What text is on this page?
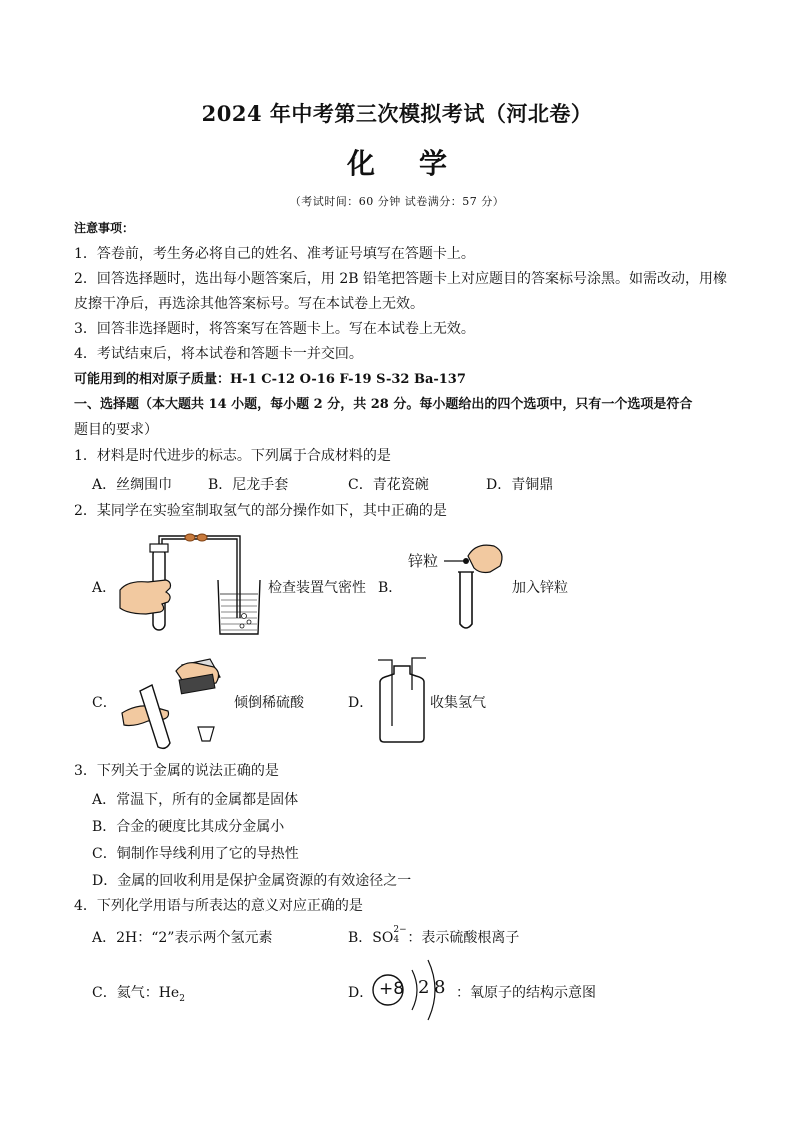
2024 年中考第三次模拟考试（河北卷）
化 学
（考试时间：60 分钟 试卷满分：57 分）
注意事项：
1．答卷前，考生务必将自己的姓名、准考证号填写在答题卡上。
2．回答选择题时，选出每小题答案后，用 2B 铅笔把答题卡上对应题目的答案标号涂黑。如需改动，用橡
皮擦干净后，再选涂其他答案标号。写在本试卷上无效。
3．回答非选择题时，将答案写在答题卡上。写在本试卷上无效。
4．考试结束后，将本试卷和答题卡一并交回。
可能用到的相对原子质量：H-1 C-12 O-16 F-19 S-32 Ba-137
一、选择题（本大题共 14 小题，每小题 2 分，共 28 分。每小题给出的四个选项中，只有一个选项是符合
题目的要求）
1．材料是时代进步的标志。下列属于合成材料的是
A．丝绸围巾	B．尼龙手套	C．青花瓷碗	D．青铜鼎
2．某同学在实验室制取氢气的部分操作如下，其中正确的是
A．	检查装置气密性 B．
锌粒
加入锌粒
C．	倾倒稀硫酸	D．	收集氢气
3．下列关于金属的说法正确的是
A．常温下，所有的金属都是固体
B．合金的硬度比其成分金属小
C．铜制作导线利用了它的导热性
D．金属的回收利用是保护金属资源的有效途径之一
4．下列化学用语与所表达的意义对应正确的是
A．2H：“2”表示两个氢元素	B．SO 2−
4 ：表示硫酸根离子
C．氦气：$He_2$	D． +8 2 8 ：氧原子的结构示意图
